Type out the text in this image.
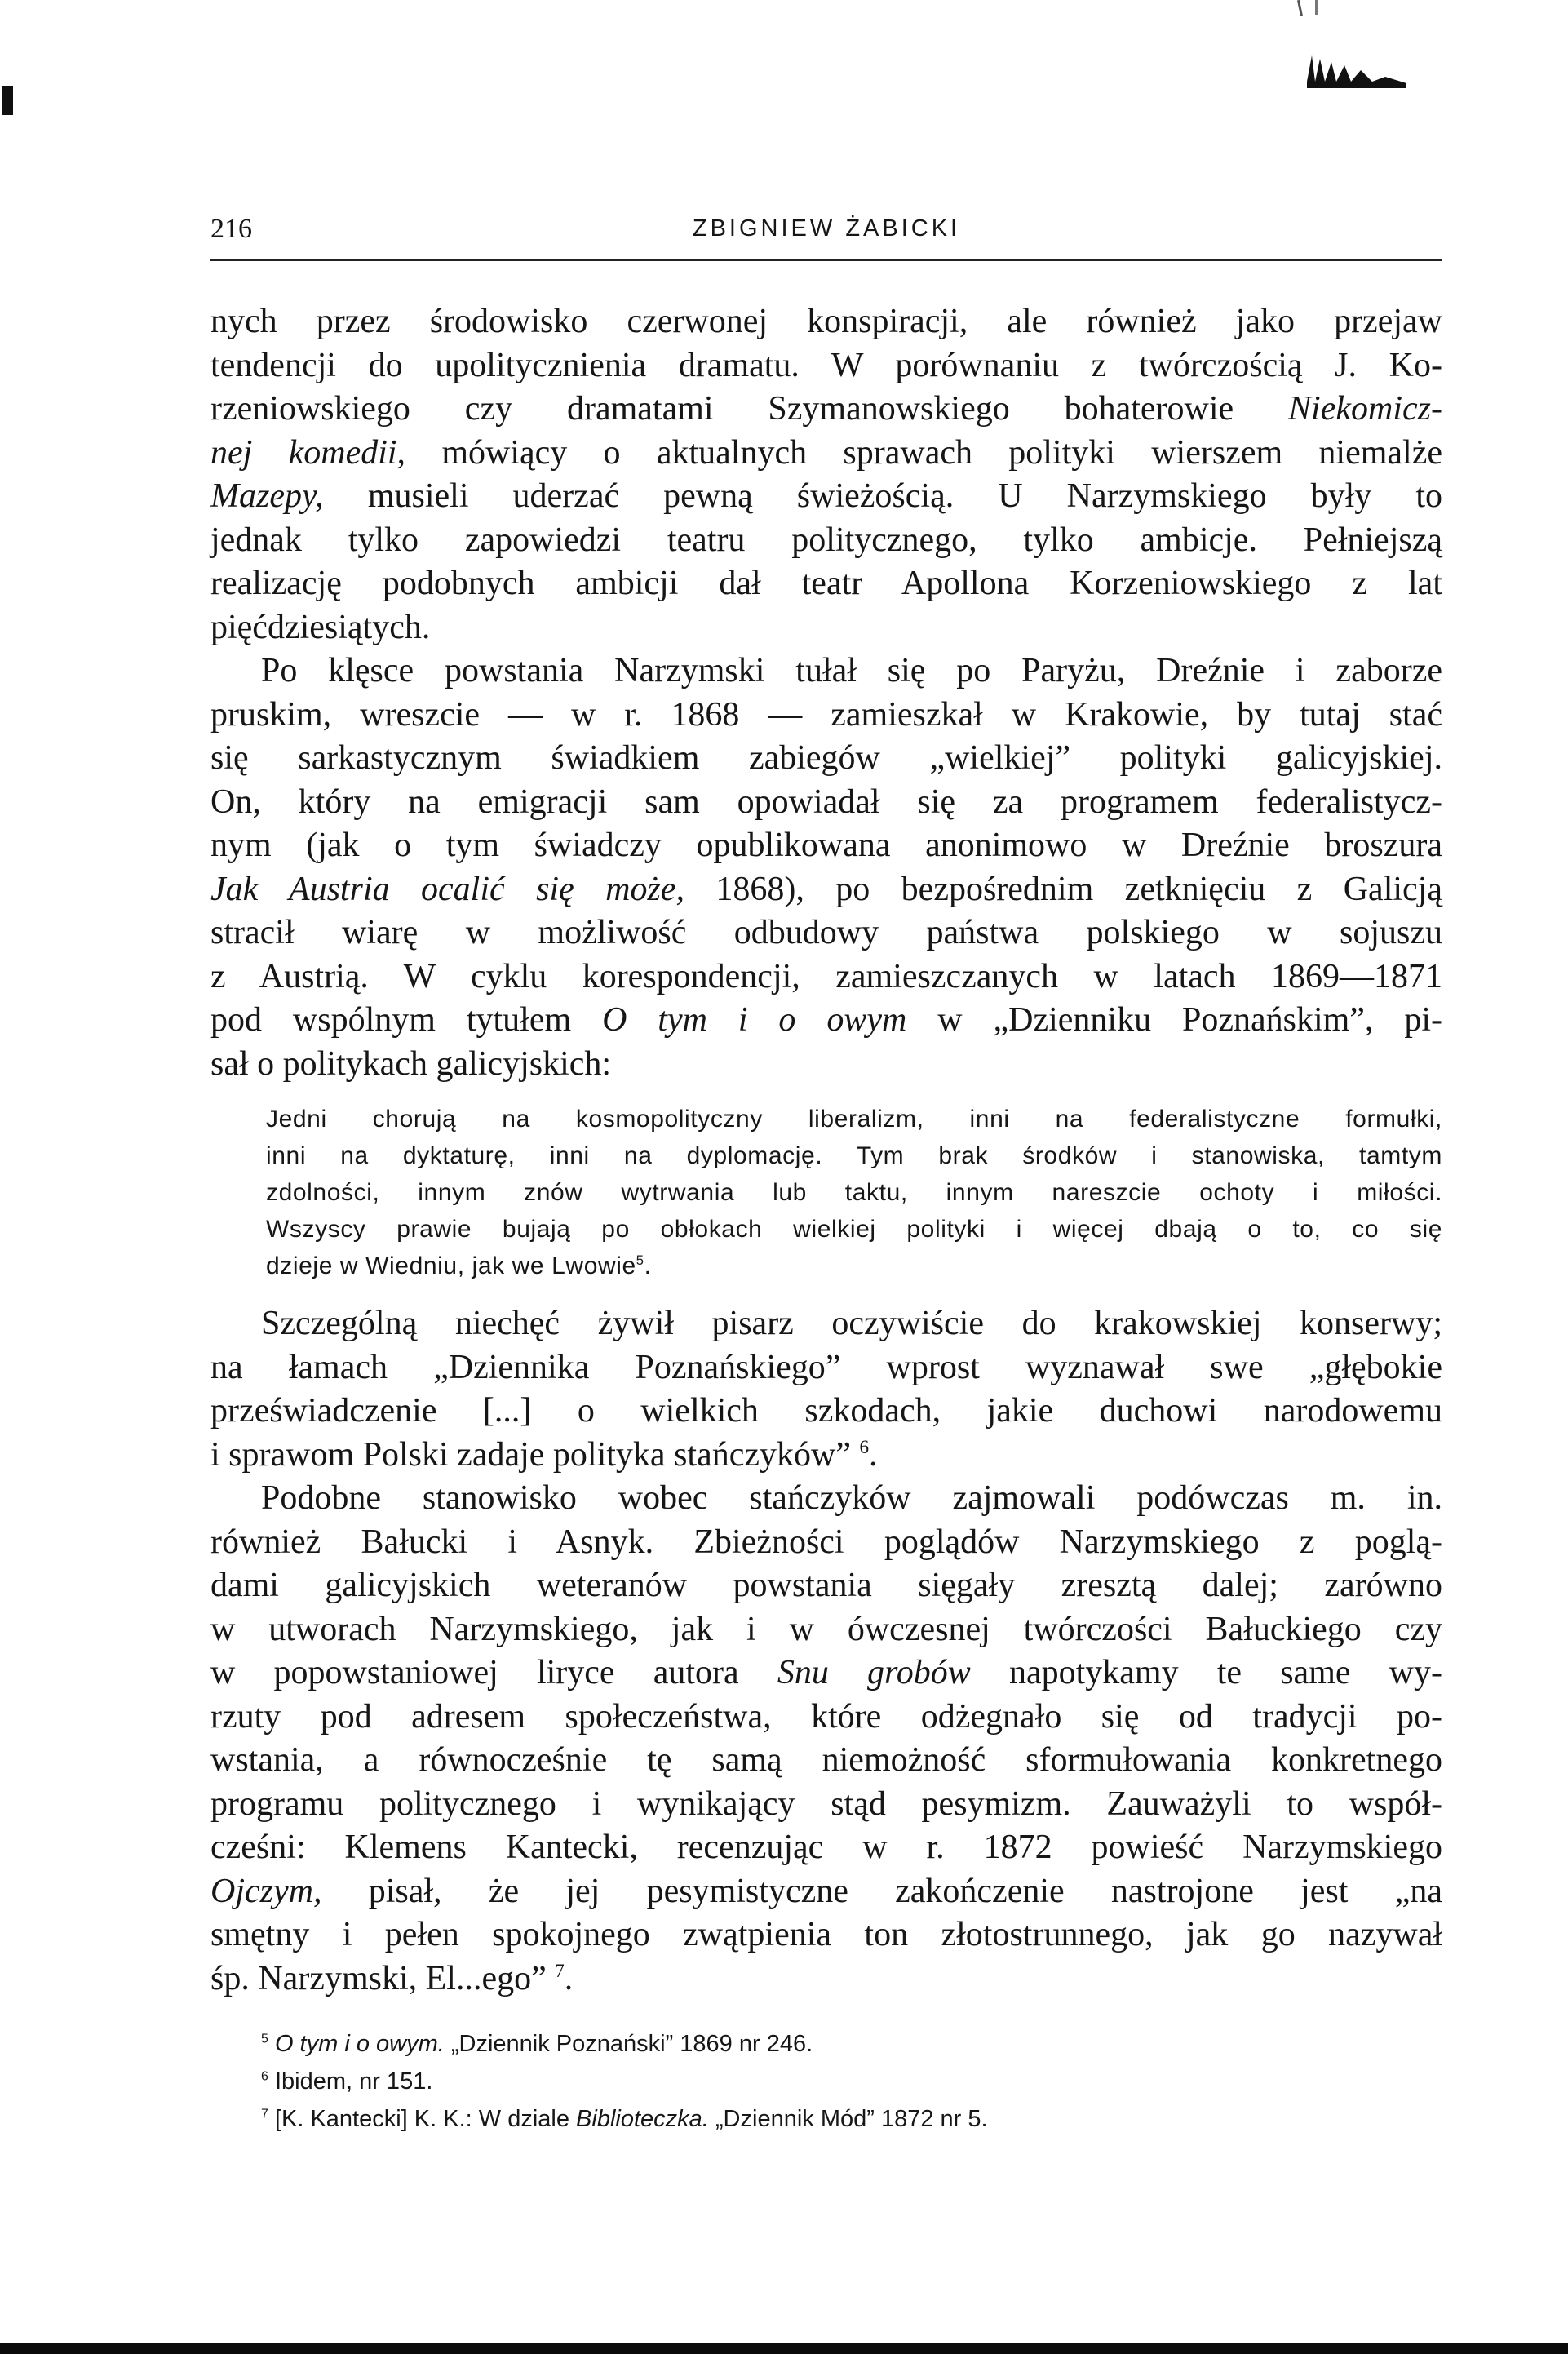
216	ZBIGNIEW ŻABICKI
nych przez środowisko czerwonej konspiracji, ale również jako przejaw
tendencji do upolitycznienia dramatu. W porównaniu z twórczością J. Ko-
rzeniowskiego czy dramatami Szymanowskiego bohaterowie Niekomicz-
nej komedii, mówiący o aktualnych sprawach polityki wierszem niemalże
Mazepy, musieli uderzać pewną świeżością. U Narzymskiego były to
jednak tylko zapowiedzi teatru politycznego, tylko ambicje. Pełniejszą
realizację podobnych ambicji dał teatr Apollona Korzeniowskiego z lat
pięćdziesiątych.
Po klęsce powstania Narzymski tułał się po Paryżu, Dreźnie i zaborze
pruskim, wreszcie — w r. 1868 — zamieszkał w Krakowie, by tutaj stać
się sarkastycznym świadkiem zabiegów „wielkiej” polityki galicyjskiej.
On, który na emigracji sam opowiadał się za programem federalistycz-
nym (jak o tym świadczy opublikowana anonimowo w Dreźnie broszura
Jak Austria ocalić się może, 1868), po bezpośrednim zetknięciu z Galicją
stracił wiarę w możliwość odbudowy państwa polskiego w sojuszu
z Austrią. W cyklu korespondencji, zamieszczanych w latach 1869—1871
pod wspólnym tytułem O tym i o owym w „Dzienniku Poznańskim”, pi-
sał o politykach galicyjskich:
Jedni chorują na kosmopolityczny liberalizm, inni na federalistyczne formułki,
inni na dyktaturę, inni na dyplomację. Tym brak środków i stanowiska, tamtym
zdolności, innym znów wytrwania lub taktu, innym nareszcie ochoty i miłości.
Wszyscy prawie bujają po obłokach wielkiej polityki i więcej dbają o to, co się
dzieje w Wiedniu, jak we Lwowie$^5$.
Szczególną niechęć żywił pisarz oczywiście do krakowskiej konserwy;
na łamach „Dziennika Poznańskiego” wprost wyznawał swe „głębokie
przeświadczenie [...] o wielkich szkodach, jakie duchowi narodowemu
i sprawom Polski zadaje polityka stańczyków” $^6$.
Podobne stanowisko wobec stańczyków zajmowali podówczas m. in.
również Bałucki i Asnyk. Zbieżności poglądów Narzymskiego z poglą-
dami galicyjskich weteranów powstania sięgały zresztą dalej; zarówno
w utworach Narzymskiego, jak i w ówczesnej twórczości Bałuckiego czy
w popowstaniowej liryce autora Snu grobów napotykamy te same wy-
rzuty pod adresem społeczeństwa, które odżegnało się od tradycji po-
wstania, a równocześnie tę samą niemożność sformułowania konkretnego
programu politycznego i wynikający stąd pesymizm. Zauważyli to współ-
cześni: Klemens Kantecki, recenzując w r. 1872 powieść Narzymskiego
Ojczym, pisał, że jej pesymistyczne zakończenie nastrojone jest „na
smętny i pełen spokojnego zwątpienia ton złotostrunnego, jak go nazywał
śp. Narzymski, El...ego” $^7$.
$^5$ O tym i o owym. „Dziennik Poznański” 1869 nr 246.
$^6$ Ibidem, nr 151.
$^7$ [K. Kantecki] K. K.: W dziale Biblioteczka. „Dziennik Mód” 1872 nr 5.
